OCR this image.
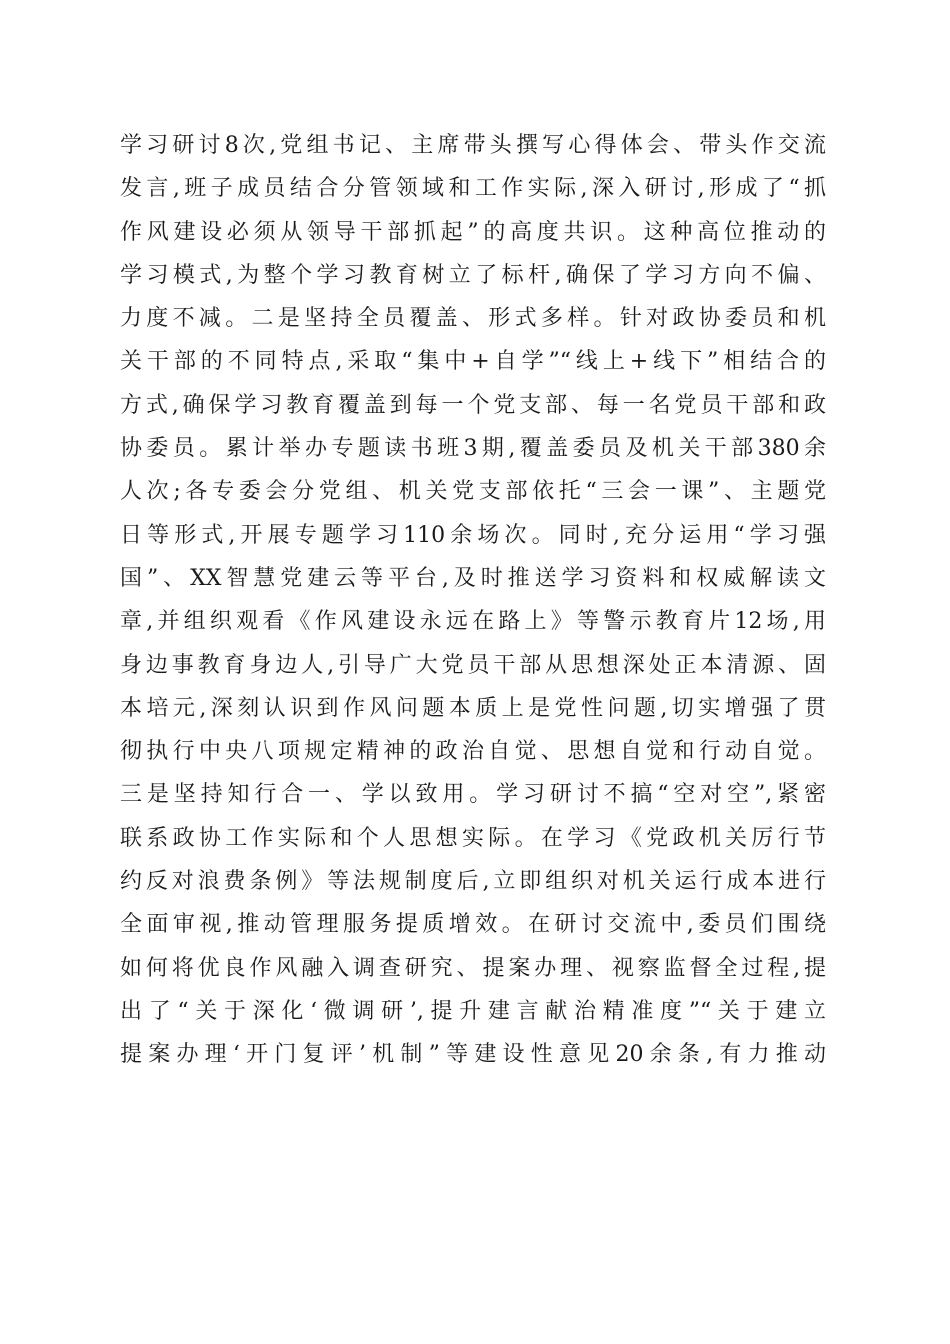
学习研讨8次,党组书记、主席带头撰写心得体会、带头作交流
发言,班子成员结合分管领域和工作实际,深入研讨,形成了“抓
作风建设必须从领导干部抓起”的高度共识。这种高位推动的
学习模式,为整个学习教育树立了标杆,确保了学习方向不偏、
力度不减。二是坚持全员覆盖、形式多样。针对政协委员和机
关干部的不同特点,采取“集中+自学”“线上+线下”相结合的
方式,确保学习教育覆盖到每一个党支部、每一名党员干部和政
协委员。累计举办专题读书班3期,覆盖委员及机关干部380余
人次;各专委会分党组、机关党支部依托“三会一课”、主题党
日等形式,开展专题学习110余场次。同时,充分运用“学习强
国”、XX智慧党建云等平台,及时推送学习资料和权威解读文
章,并组织观看《作风建设永远在路上》等警示教育片12场,用
身边事教育身边人,引导广大党员干部从思想深处正本清源、固
本培元,深刻认识到作风问题本质上是党性问题,切实增强了贯
彻执行中央八项规定精神的政治自觉、思想自觉和行动自觉。
三是坚持知行合一、学以致用。学习研讨不搞“空对空”,紧密
联系政协工作实际和个人思想实际。在学习《党政机关厉行节
约反对浪费条例》等法规制度后,立即组织对机关运行成本进行
全面审视,推动管理服务提质增效。在研讨交流中,委员们围绕
如何将优良作风融入调查研究、提案办理、视察监督全过程,提
出了“关于深化‘微调研’,提升建言献治精准度”“关于建立
提案办理‘开门复评’机制”等建设性意见20余条,有力推动
